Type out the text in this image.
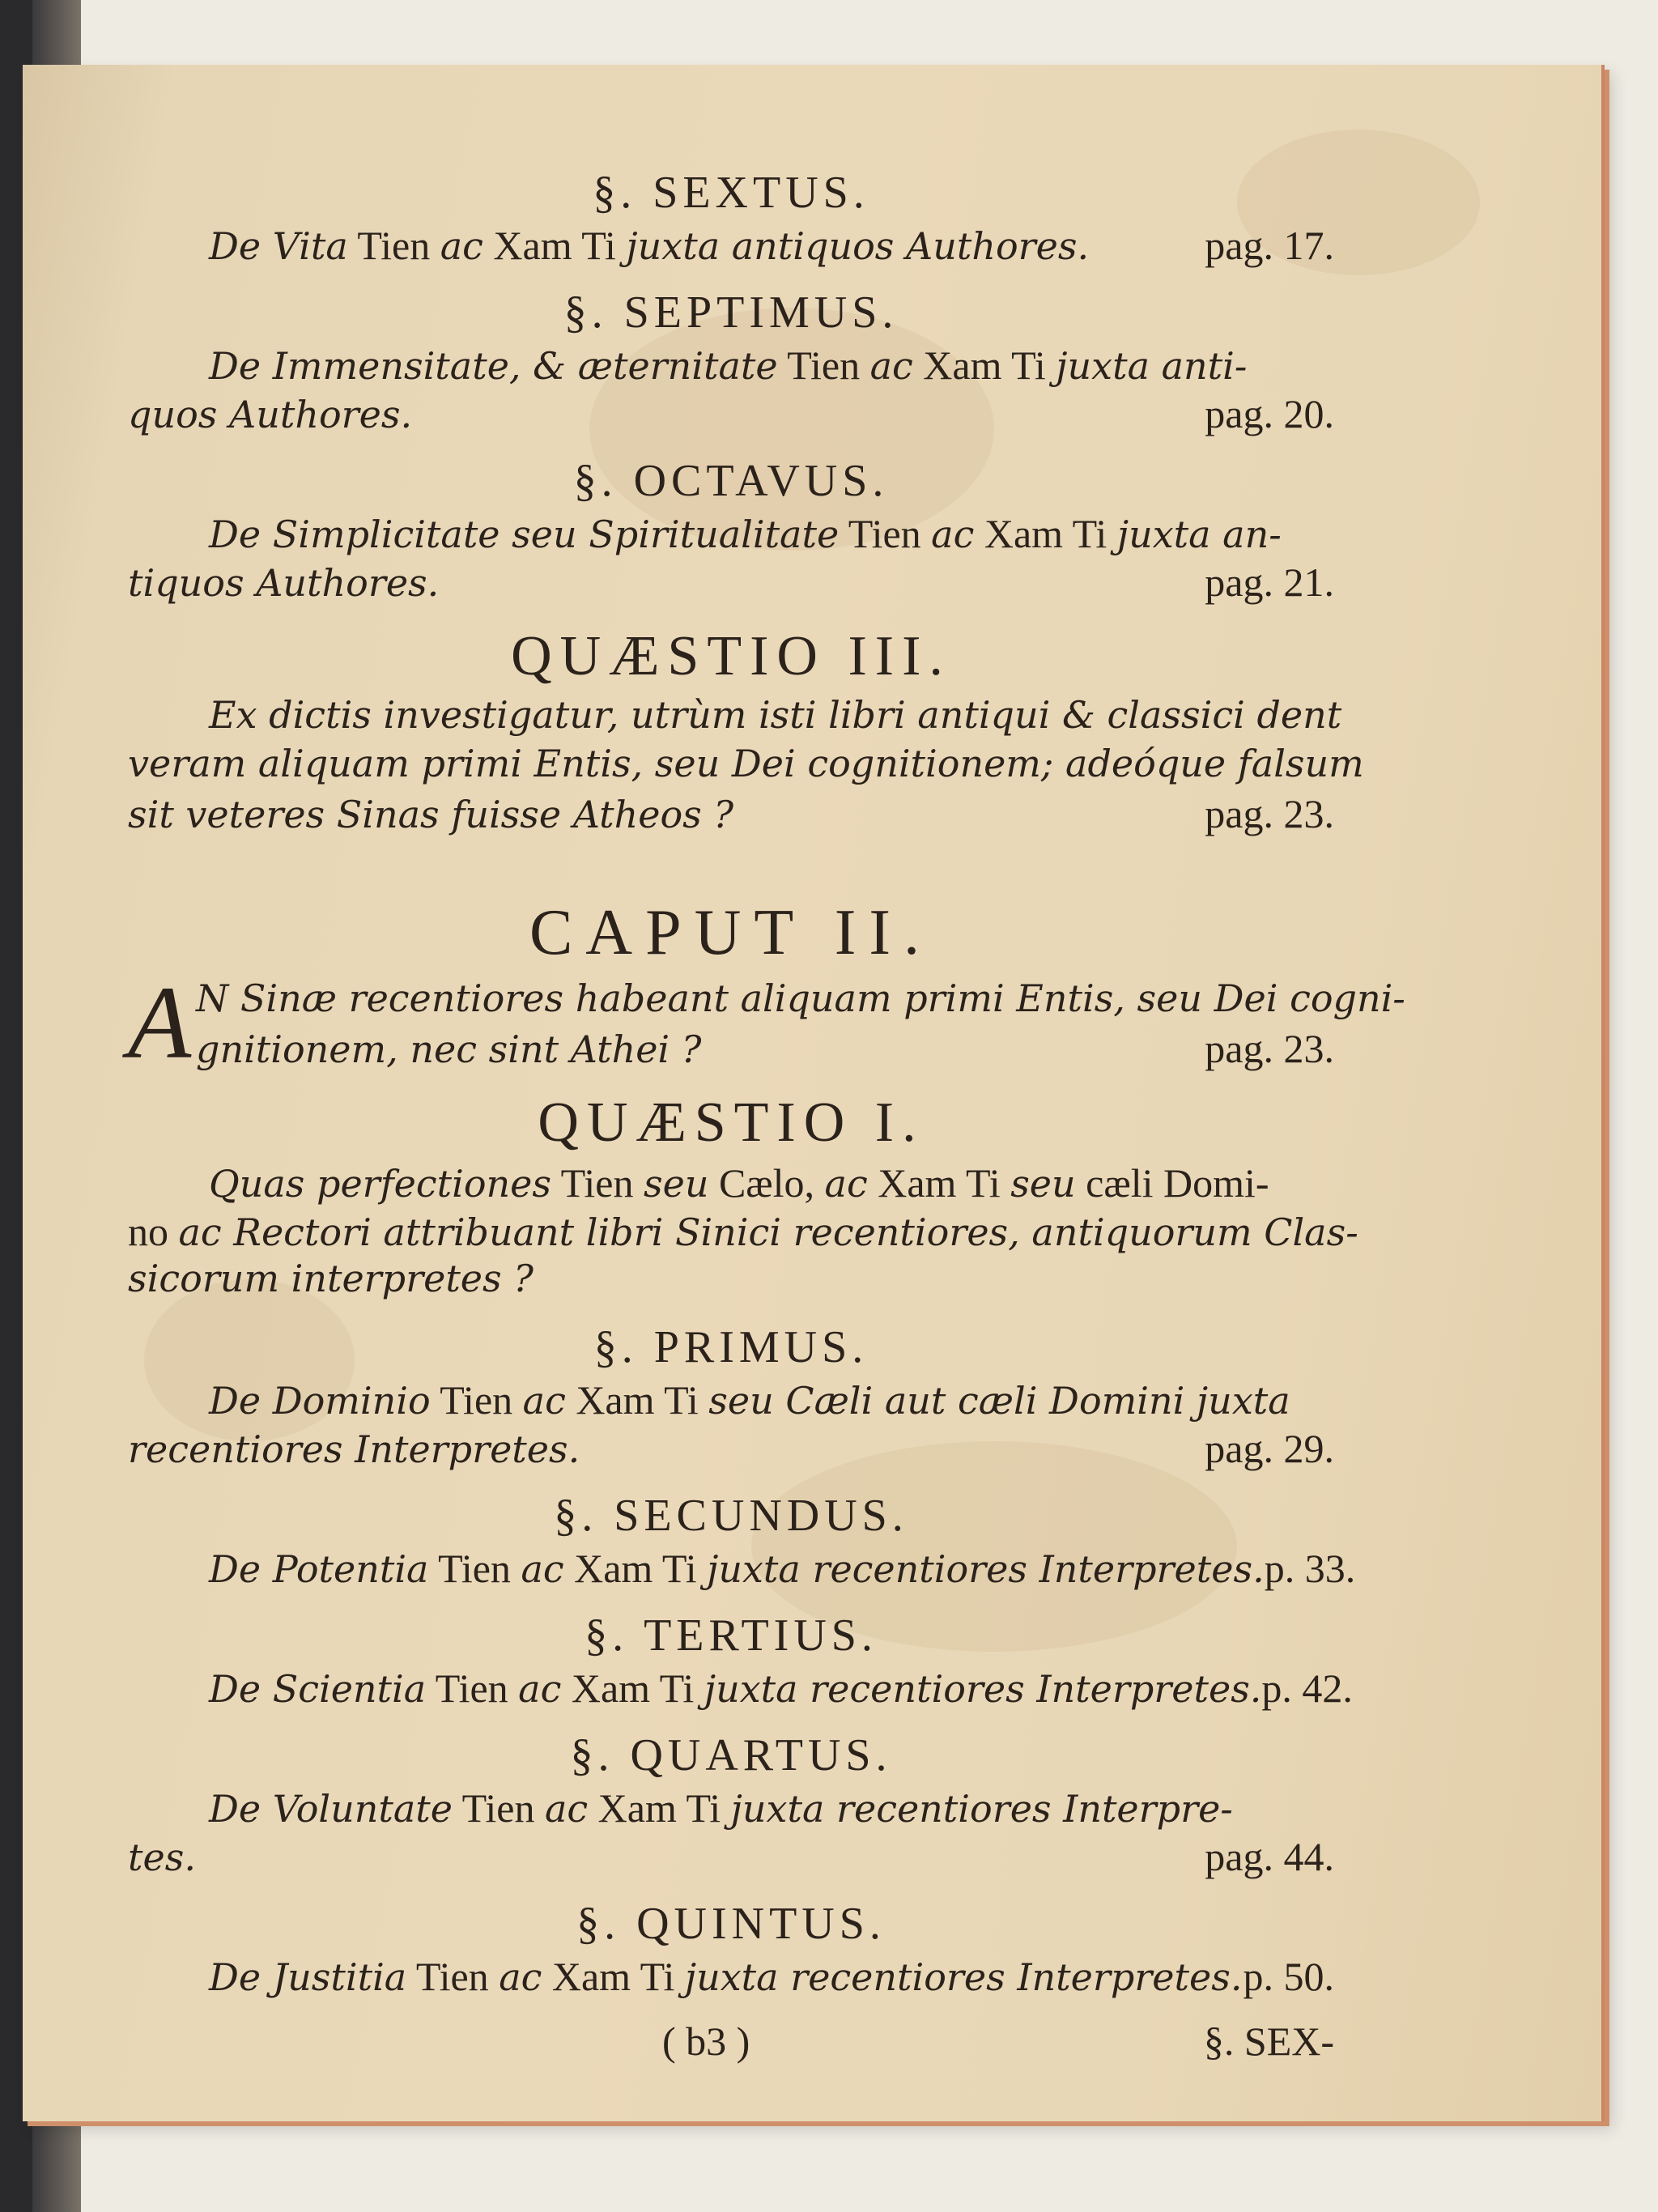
§. SEXTUS.
De Vita Tien ac Xam Ti juxta antiquos Authores.	pag. 17.
§. SEPTIMUS.
De Immensitate, & æternitate Tien ac Xam Ti juxta anti-
quos Authores.	pag. 20.
§. OCTAVUS.
De Simplicitate seu Spiritualitate Tien ac Xam Ti juxta an-
tiquos Authores.	pag. 21.
QUÆSTIO III.
Ex dictis investigatur, utrùm isti libri antiqui & classici dent
veram aliquam primi Entis, seu Dei cognitionem; adeóque falsum
sit veteres Sinas fuisse Atheos ?	pag. 23.
CAPUT II.
A N Sinæ recentiores habeant aliquam primi Entis, seu Dei cogni-
gnitionem, nec sint Athei ?	pag. 23.
QUÆSTIO I.
Quas perfectiones Tien seu Cælo, ac Xam Ti seu cæli Domi-
no ac Rectori attribuant libri Sinici recentiores, antiquorum Clas-
sicorum interpretes ?
§. PRIMUS.
De Dominio Tien ac Xam Ti seu Cæli aut cæli Domini juxta
recentiores Interpretes.	pag. 29.
§. SECUNDUS.
De Potentia Tien ac Xam Ti juxta recentiores Interpretes. p. 33.
§. TERTIUS.
De Scientia Tien ac Xam Ti juxta recentiores Interpretes. p. 42.
§. QUARTUS.
De Voluntate Tien ac Xam Ti juxta recentiores Interpre-
tes.	pag. 44.
§. QUINTUS.
De Justitia Tien ac Xam Ti juxta recentiores Interpretes. p. 50.
( b3 )	§. SEX-
